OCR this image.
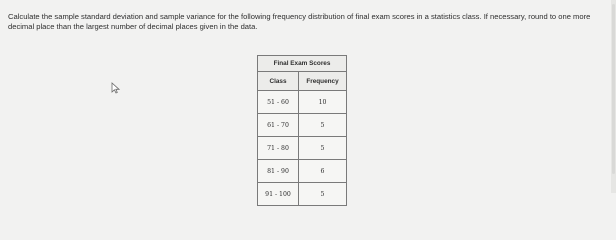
Calculate the sample standard deviation and sample variance for the following frequency distribution of final exam scores in a statistics class. If necessary, round to one more decimal place than the largest number of decimal places given in the data.
Final Exam Scores	
Class	Frequency
51 - 60	10
61 - 70	5
71 - 80	5
81 - 90	6
91 - 100	5
